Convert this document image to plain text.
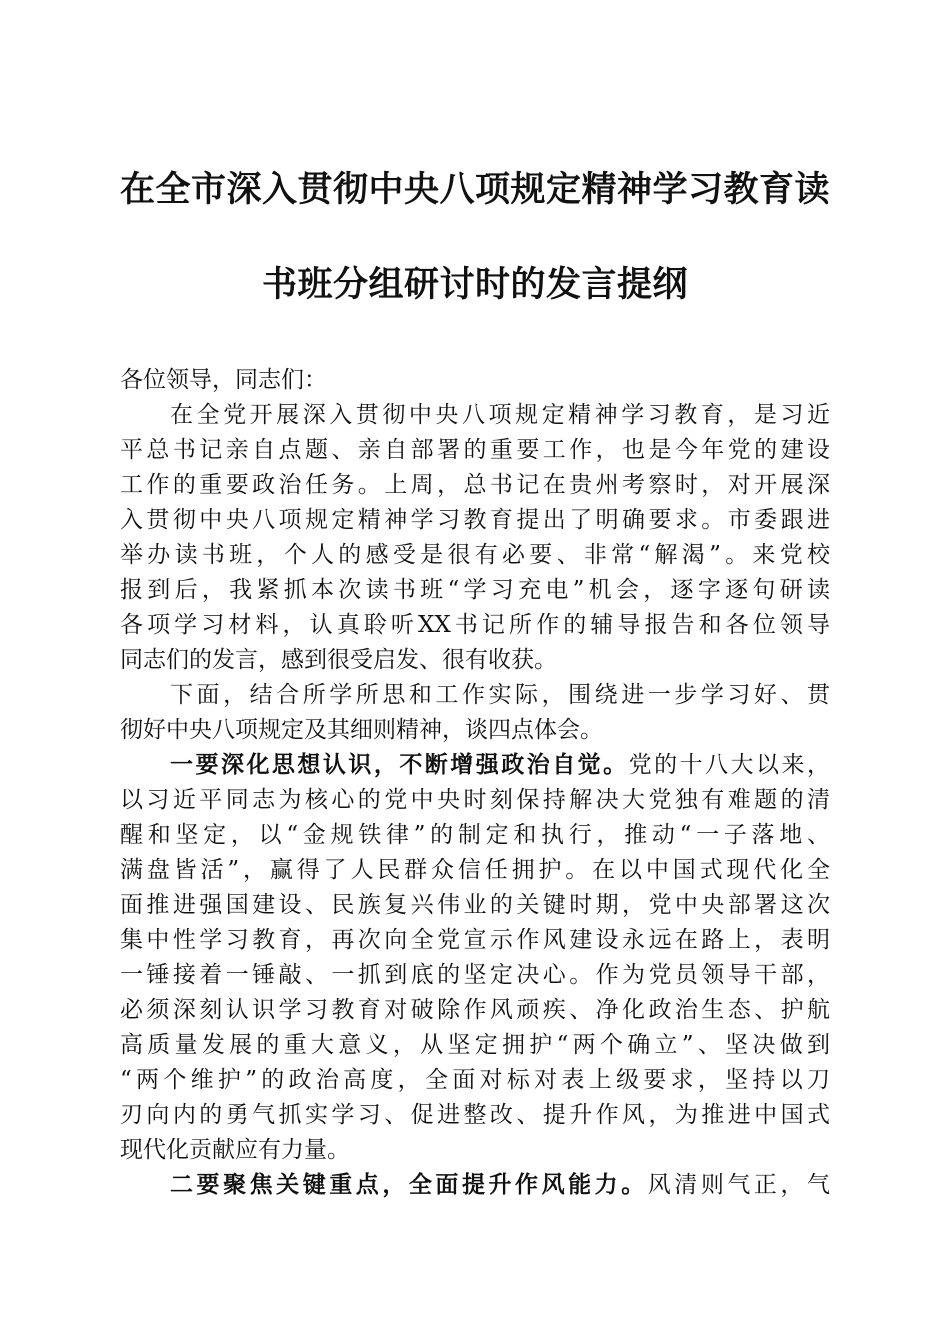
在全市深入贯彻中央八项规定精神学习教育读
书班分组研讨时的发言提纲
各位领导，同志们：
在全党开展深入贯彻中央八项规定精神学习教育，是习近
平总书记亲自点题、亲自部署的重要工作，也是今年党的建设
工作的重要政治任务。上周，总书记在贵州考察时，对开展深
入贯彻中央八项规定精神学习教育提出了明确要求。市委跟进
举办读书班，个人的感受是很有必要、非常“解渴”。来党校
报到后，我紧抓本次读书班“学习充电”机会，逐字逐句研读
各项学习材料，认真聆听XX书记所作的辅导报告和各位领导
同志们的发言，感到很受启发、很有收获。
下面，结合所学所思和工作实际，围绕进一步学习好、贯
彻好中央八项规定及其细则精神，谈四点体会。
一要深化思想认识，不断增强政治自觉。党的十八大以来，
以习近平同志为核心的党中央时刻保持解决大党独有难题的清
醒和坚定，以“金规铁律”的制定和执行，推动“一子落地、
满盘皆活”，赢得了人民群众信任拥护。在以中国式现代化全
面推进强国建设、民族复兴伟业的关键时期，党中央部署这次
集中性学习教育，再次向全党宣示作风建设永远在路上，表明
一锤接着一锤敲、一抓到底的坚定决心。作为党员领导干部，
必须深刻认识学习教育对破除作风顽疾、净化政治生态、护航
高质量发展的重大意义，从坚定拥护“两个确立”、坚决做到
“两个维护”的政治高度，全面对标对表上级要求，坚持以刀
刃向内的勇气抓实学习、促进整改、提升作风，为推进中国式
现代化贡献应有力量。
二要聚焦关键重点，全面提升作风能力。风清则气正，气
